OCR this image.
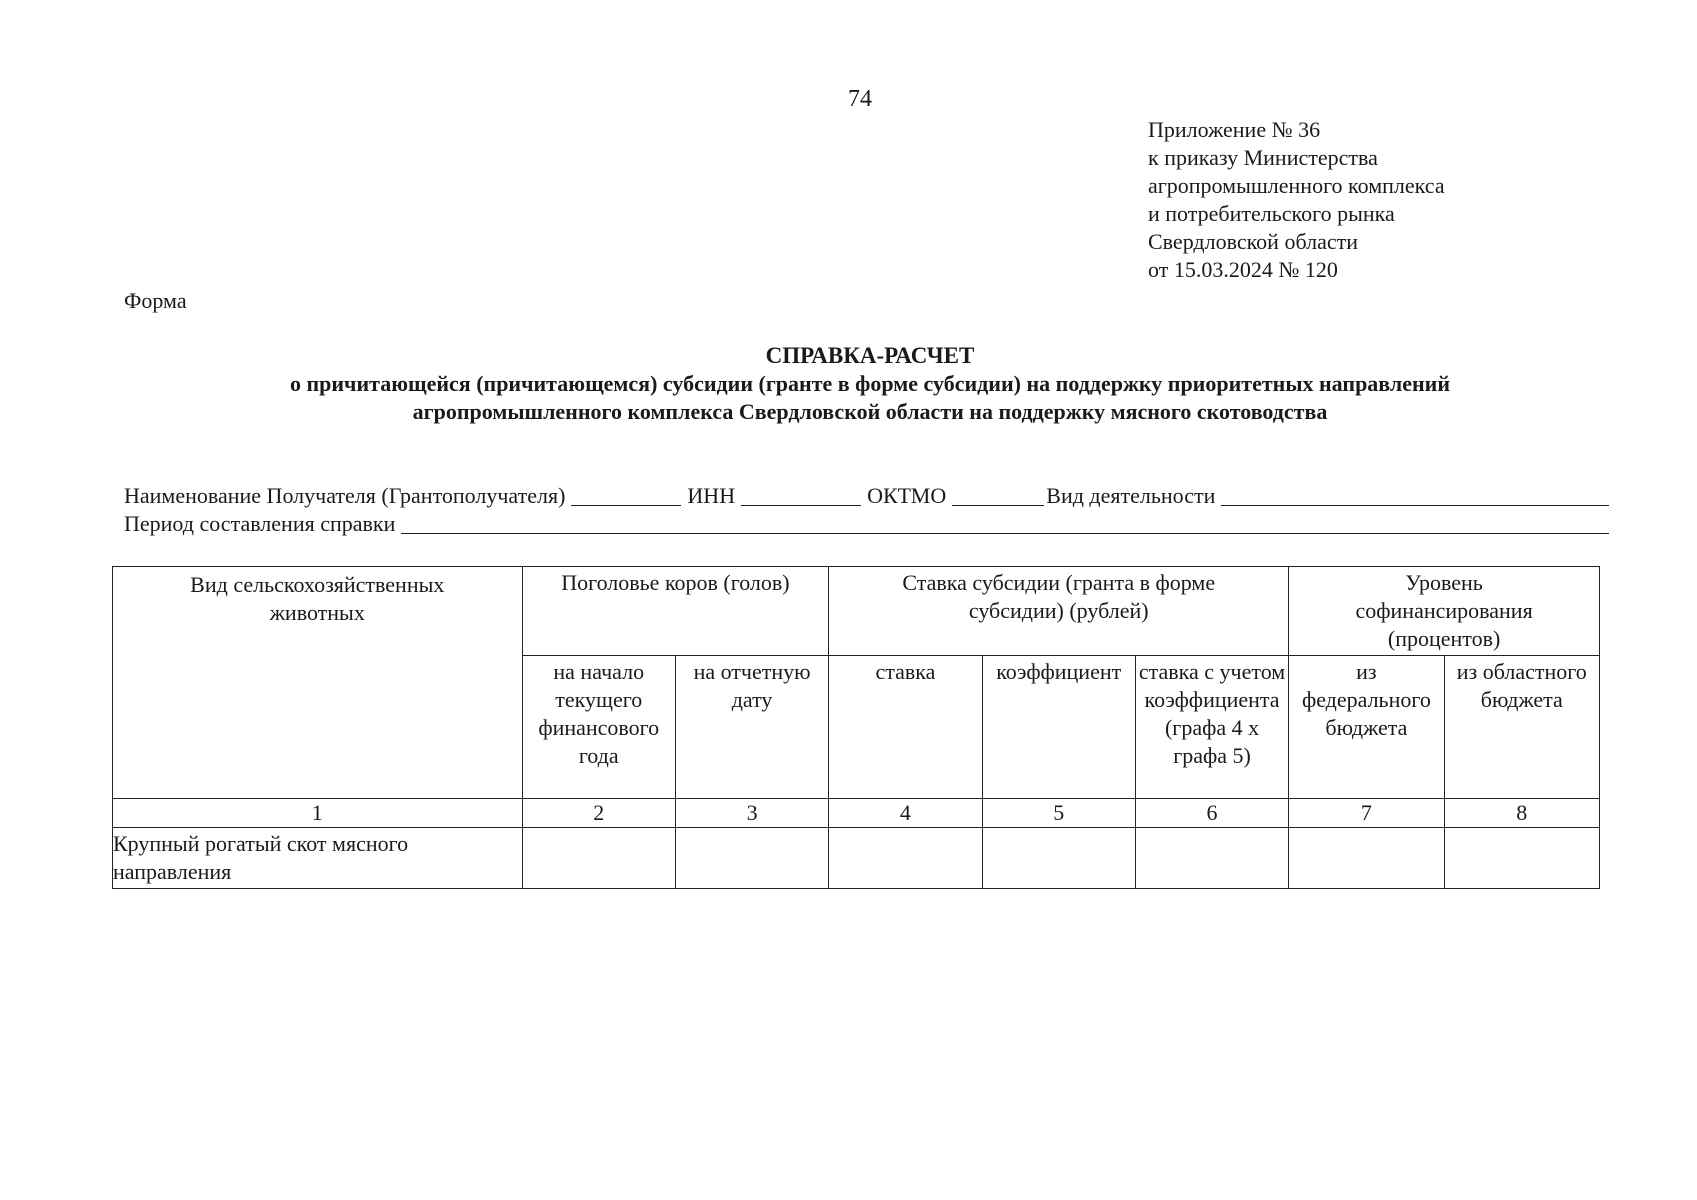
74
Приложение № 36
к приказу Министерства
агропромышленного комплекса
и потребительского рынка
Свердловской области
от 15.03.2024 № 120
Форма
СПРАВКА-РАСЧЕТ
о причитающейся (причитающемся) субсидии (гранте в форме субсидии) на поддержку приоритетных направлений
агропромышленного комплекса Свердловской области на поддержку мясного скотоводства
Наименование Получателя (Грантополучателя)	ИНН	ОКТМО	Вид деятельности
Период составления справки
Вид сельскохозяйственных животных	Поголовье коров (голов)		Ставка субсидии (гранта в форме субсидии) (рублей)			Уровень софинансирования (процентов)	
	на начало текущего финансового года	на отчетную дату	ставка	коэффициент	ставка с учетом коэффициента (графа 4 х графа 5)	из федерального бюджета	из областного бюджета
1	2	3	4	5	6	7	8
Крупный рогатый скот мясного направления							
